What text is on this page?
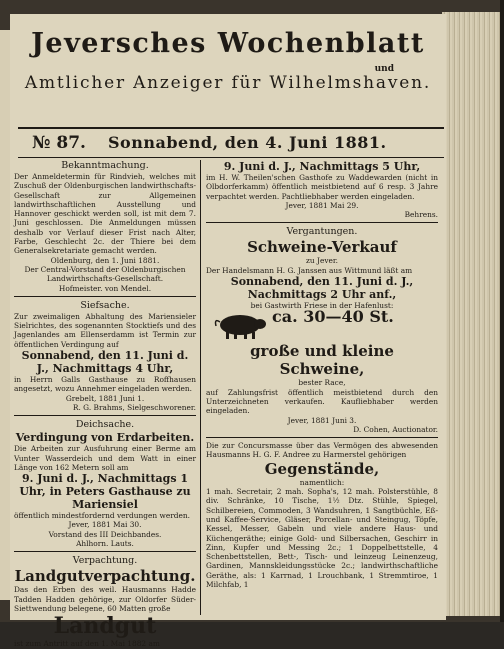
Jeversches Wochenblatt
und
Amtlicher Anzeiger für Wilhelmshaven.
№ 87. Sonnabend, den 4. Juni 1881.
Bekanntmachung.
Der Anmeldetermin für Rindvieh, welches mit Zuschuß der Oldenburgischen landwirthschafts-Gesellschaft zur Allgemeinen landwirthschaftlichen Ausstellung und Hannover geschickt werden soll, ist mit dem 7. Juni geschlossen. Die Anmeldungen müssen deshalb vor Verlauf dieser Frist nach Alter, Farbe, Geschlecht 2c. der Thiere bei dem Generalsekretariate gemacht werden.
Oldenburg, den 1. Juni 1881.
Der Central-Vorstand der Oldenburgischen Landwirthschafts-Gesellschaft.
Hofmeister. von Mendel.
Siefsache.
Zur zweimaligen Abhaltung des Mariensieler Sielrichtes, des sogenannten Stocktiefs und des Jagenlandes am Ellenserdamm ist Termin zur öffentlichen Verdingung auf
Sonnabend, den 11. Juni d. J., Nachmittags 4 Uhr,
in Herrn Galls Gasthause zu Roffhausen angesetzt, wozu Annehmer eingeladen werden.
Grebelt, 1881 Juni 1.
R. G. Brahms, Sielgeschworener.
Deichsache.
Verdingung von Erdarbeiten.
Die Arbeiten zur Ausfuhrung einer Berme am Vunter Wasserdeich und dem Watt in einer Länge von 162 Metern soll am
9. Juni d. J., Nachmittags 1 Uhr, in Peters Gasthause zu Mariensiel
öffentlich mindestfordernd verdungen werden.
Jever, 1881 Mai 30.
Vorstand des III Deichbandes.
Ahlhorn. Lauts.
Verpachtung.
Landgutverpachtung.
Das den Erben des weil. Hausmanns Hadde Tadden Hadden gehörige, zur Oldorfer Süder-Siettwendung belegene, 60 Matten große
Landgut
ist zum Antritt auf den 1. Mai 1882 am
9. Juni d. J., Nachmittags 5 Uhr,
im H. W. Theilen'schen Gasthofe zu Waddewarden (nicht in Olbdorferkamm) öffentlich meistbietend auf 6 resp. 3 Jahre verpachtet werden. Pachtliebhaber werden eingeladen.
Jever, 1881 Mai 29.
Behrens.
Vergantungen.
Schweine-Verkauf
zu Jever.
Der Handelsmann H. G. Janssen aus Wittmund läßt am
Sonnabend, den 11. Juni d. J., Nachmittags 2 Uhr anf.,
bei Gastwirth Friese in der Hafenlust:
ca. 30—40 St.
große und kleine Schweine,
bester Race,
auf Zahlungsfrist öffentlich meistbietend durch den Unterzeichneten verkaufen. Kaufliebhaber werden eingeladen.
Jever, 1881 Juni 3.
D. Cohen, Auctionator.
Die zur Concursmasse über das Vermögen des abwesenden Hausmanns H. G. F. Andree zu Harmerstel gehörigen
Gegenstände,
namentlich:
1 mah. Secretair, 2 mah. Sopha's, 12 mah. Polsterstühle, 8 div. Schränke, 10 Tische, 1½ Dtz. Stühle, Spiegel, Schilbereien, Commoden, 3 Wandsuhren, 1 Sangtbüchle, Eß- und Kaffee-Service, Gläser, Porcellan- und Steingug, Töpfe, Kessel, Messer, Gabeln und viele andere Haus- und Küchengeräthe; einige Gold- und Silbersachen, Geschirr in Zinn, Kupfer und Messing 2c.; 1 Doppelbettstelle, 4 Schenbettstellen, Bett-, Tisch- und leinzeug Leinenzeug, Gardinen, Mannskleidungsstücke 2c.; landwirthschaftliche Geräthe, als: 1 Karrnad, 1 Lrouchbank, 1 Stremmtiroe, 1 Milchfab, 1
